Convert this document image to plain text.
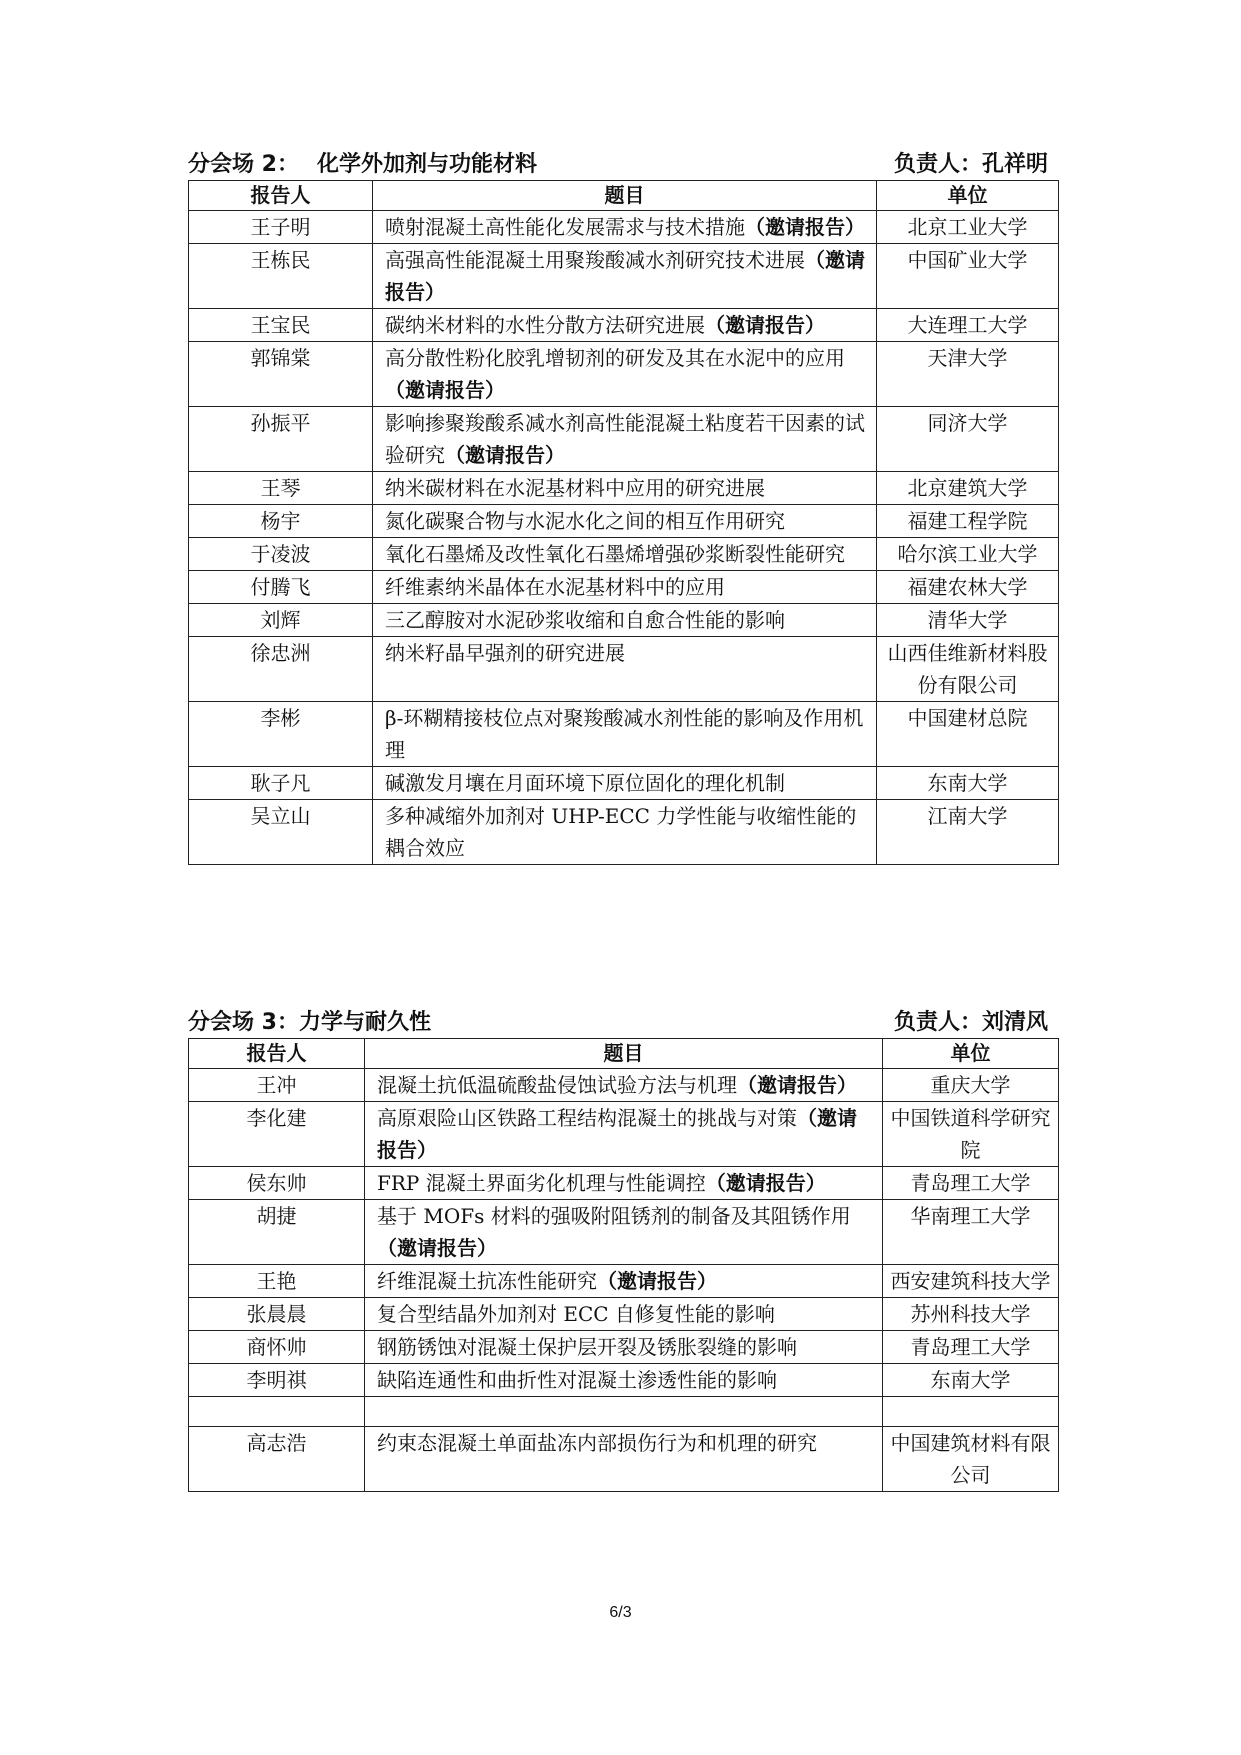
分会场 2： 化学外加剂与功能材料	负责人：孔祥明
报告人	题目	单位
王子明	喷射混凝土高性能化发展需求与技术措施（邀请报告）	北京工业大学
王栋民	高强高性能混凝土用聚羧酸减水剂研究技术进展（邀请报告）	中国矿业大学
王宝民	碳纳米材料的水性分散方法研究进展（邀请报告）	大连理工大学
郭锦棠	高分散性粉化胶乳增韧剂的研发及其在水泥中的应用（邀请报告）	天津大学
孙振平	影响掺聚羧酸系减水剂高性能混凝土粘度若干因素的试验研究（邀请报告）	同济大学
王琴	纳米碳材料在水泥基材料中应用的研究进展	北京建筑大学
杨宇	氮化碳聚合物与水泥水化之间的相互作用研究	福建工程学院
于凌波	氧化石墨烯及改性氧化石墨烯增强砂浆断裂性能研究	哈尔滨工业大学
付腾飞	纤维素纳米晶体在水泥基材料中的应用	福建农林大学
刘辉	三乙醇胺对水泥砂浆收缩和自愈合性能的影响	清华大学
徐忠洲	纳米籽晶早强剂的研究进展	山西佳维新材料股份有限公司
李彬	β-环糊精接枝位点对聚羧酸减水剂性能的影响及作用机理	中国建材总院
耿子凡	碱激发月壤在月面环境下原位固化的理化机制	东南大学
吴立山	多种减缩外加剂对 UHP-ECC 力学性能与收缩性能的耦合效应	江南大学
分会场 3：力学与耐久性	负责人：刘清风
报告人	题目	单位
王冲	混凝土抗低温硫酸盐侵蚀试验方法与机理（邀请报告）	重庆大学
李化建	高原艰险山区铁路工程结构混凝土的挑战与对策（邀请报告）	中国铁道科学研究院
侯东帅	FRP 混凝土界面劣化机理与性能调控（邀请报告）	青岛理工大学
胡捷	基于 MOFs 材料的强吸附阻锈剂的制备及其阻锈作用（邀请报告）	华南理工大学
王艳	纤维混凝土抗冻性能研究（邀请报告）	西安建筑科技大学
张晨晨	复合型结晶外加剂对 ECC 自修复性能的影响	苏州科技大学
商怀帅	钢筋锈蚀对混凝土保护层开裂及锈胀裂缝的影响	青岛理工大学
李明祺	缺陷连通性和曲折性对混凝土渗透性能的影响	东南大学

高志浩	约束态混凝土单面盐冻内部损伤行为和机理的研究	中国建筑材料有限公司
6/3
